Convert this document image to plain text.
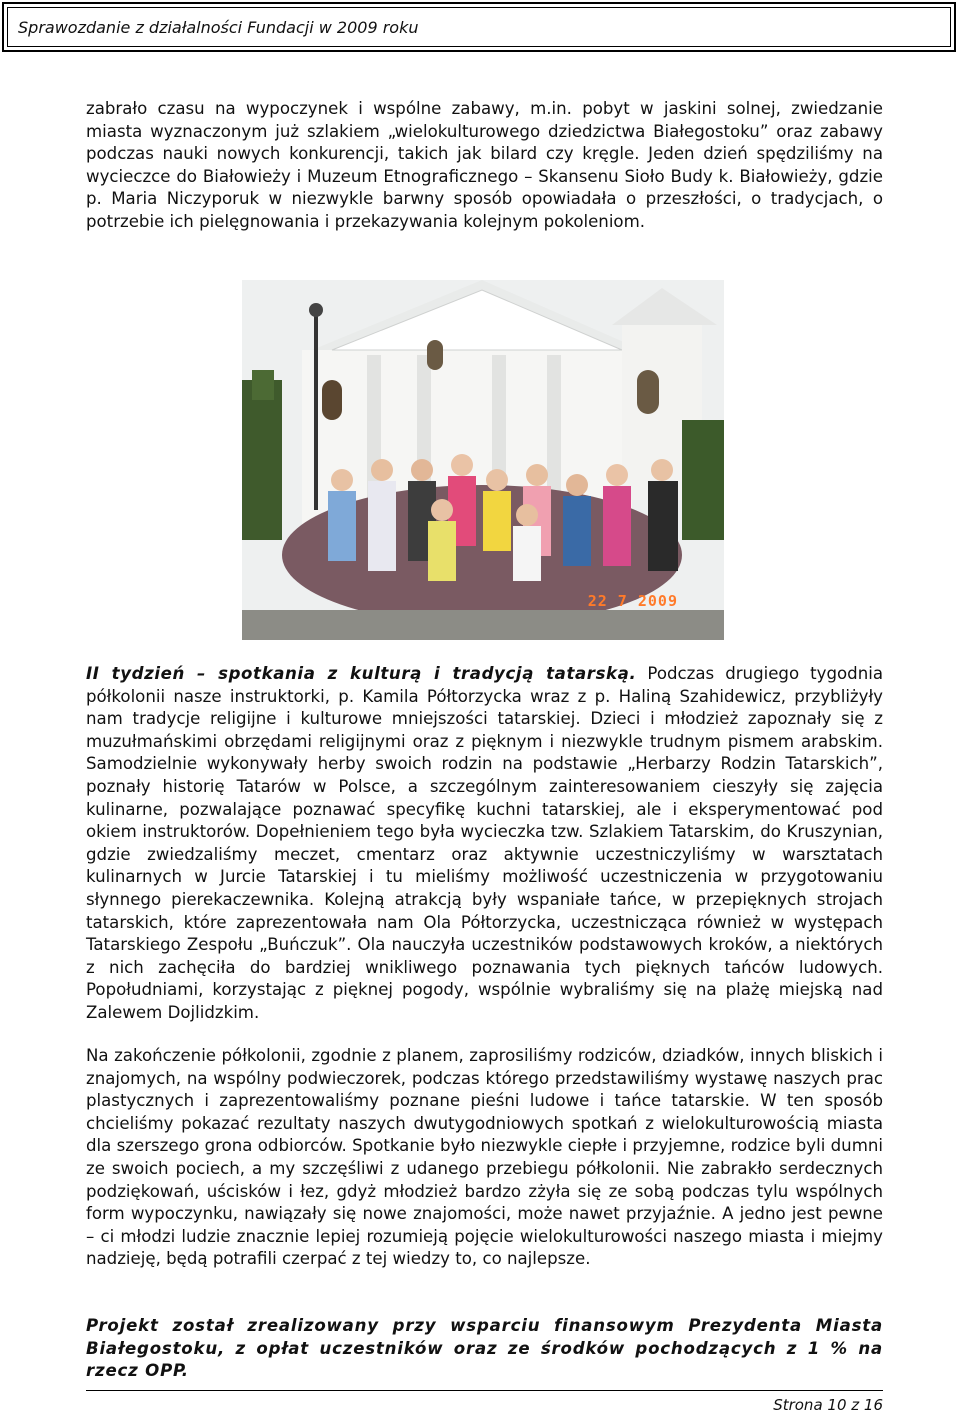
Sprawozdanie z działalności Fundacji w 2009 roku

zabrało czasu na wypoczynek i wspólne zabawy, m.in. pobyt w jaskini solnej, zwiedzanie miasta wyznaczonym już szlakiem „wielokulturowego dziedzictwa Białegostoku” oraz zabawy podczas nauki nowych konkurencji, takich jak bilard czy kręgle. Jeden dzień spędziliśmy na wycieczce do Białowieży i Muzeum Etnograficznego – Skansenu Sioło Budy k. Białowieży, gdzie p. Maria Niczyporuk w niezwykle barwny sposób opowiadała o przeszłości, o tradycjach, o potrzebie ich pielęgnowania i przekazywania kolejnym pokoleniom.

22 7 2009

II tydzień – spotkania z kulturą i tradycją tatarską. Podczas drugiego tygodnia półkolonii nasze instruktorki, p. Kamila Półtorzycka wraz z p. Haliną Szahidewicz, przybliżyły nam tradycje religijne i kulturowe mniejszości tatarskiej. Dzieci i młodzież zapoznały się z muzułmańskimi obrzędami religijnymi oraz z pięknym i niezwykle trudnym pismem arabskim. Samodzielnie wykonywały herby swoich rodzin na podstawie „Herbarzy Rodzin Tatarskich”, poznały historię Tatarów w Polsce, a szczególnym zainteresowaniem cieszyły się zajęcia kulinarne, pozwalające poznawać specyfikę kuchni tatarskiej, ale i eksperymentować pod okiem instruktorów. Dopełnieniem tego była wycieczka tzw. Szlakiem Tatarskim, do Kruszynian, gdzie zwiedzaliśmy meczet, cmentarz oraz aktywnie uczestniczyliśmy w warsztatach kulinarnych w Jurcie Tatarskiej i tu mieliśmy możliwość uczestniczenia w przygotowaniu słynnego pierekaczewnika. Kolejną atrakcją były wspaniałe tańce, w przepięknych strojach tatarskich, które zaprezentowała nam Ola Półtorzycka, uczestnicząca również w występach Tatarskiego Zespołu „Buńczuk”. Ola nauczyła uczestników podstawowych kroków, a niektórych z nich zachęciła do bardziej wnikliwego poznawania tych pięknych tańców ludowych. Popołudniami, korzystając z pięknej pogody, wspólnie wybraliśmy się na plażę miejską nad Zalewem Dojlidzkim.

Na zakończenie półkolonii, zgodnie z planem, zaprosiliśmy rodziców, dziadków, innych bliskich i znajomych, na wspólny podwieczorek, podczas którego przedstawiliśmy wystawę naszych prac plastycznych i zaprezentowaliśmy poznane pieśni ludowe i tańce tatarskie. W ten sposób chcieliśmy pokazać rezultaty naszych dwutygodniowych spotkań z wielokulturowością miasta dla szerszego grona odbiorców. Spotkanie było niezwykle ciepłe i przyjemne, rodzice byli dumni ze swoich pociech, a my szczęśliwi z udanego przebiegu półkolonii. Nie zabrakło serdecznych podziękowań, uścisków i łez, gdyż młodzież bardzo zżyła się ze sobą podczas tylu wspólnych form wypoczynku, nawiązały się nowe znajomości, może nawet przyjaźnie. A jedno jest pewne – ci młodzi ludzie znacznie lepiej rozumieją pojęcie wielokulturowości naszego miasta i miejmy nadzieję, będą potrafili czerpać z tej wiedzy to, co najlepsze.

Projekt został zrealizowany przy wsparciu finansowym Prezydenta Miasta Białegostoku, z opłat uczestników oraz ze środków pochodzących z 1 % na rzecz OPP.

Strona 10 z 16
